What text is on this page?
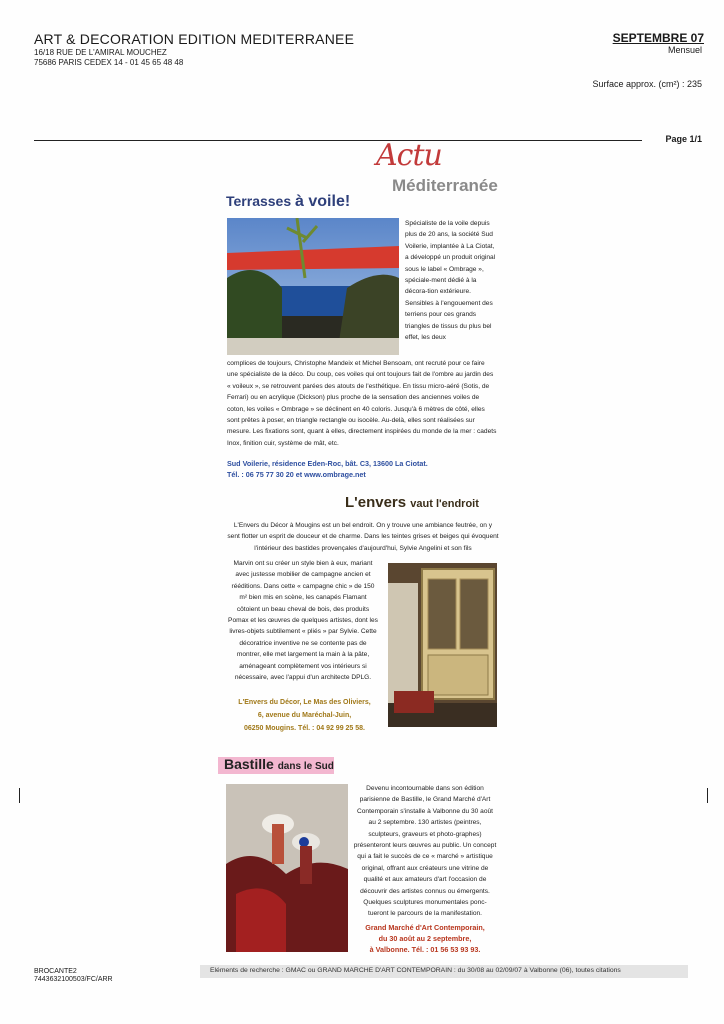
ART & DECORATION EDITION MEDITERRANEE
16/18 RUE DE L'AMIRAL MOUCHEZ
75686 PARIS CEDEX 14 - 01 45 65 48 48
SEPTEMBRE 07
Mensuel
Surface approx. (cm²) : 235
Page 1/1
Actu
Méditerranée
Terrasses à voile!
Spécialiste de la voile depuis plus de 20 ans, la société Sud Voilerie, implantée à La Ciotat, a développé un produit original sous le label « Ombrage », spéciale-ment dédié à la décora-tion extérieure. Sensibles à l'engouement des terriens pour ces grands triangles de tissus du plus bel effet, les deux
complices de toujours, Christophe Mandeix et Michel Bensoam, ont recruté pour ce faire une spécialiste de la déco. Du coup, ces voiles qui ont toujours fait de l'ombre au jardin des « voileux », se retrouvent parées des atouts de l'esthétique. En tissu micro-aéré (Sotis, de Ferrari) ou en acrylique (Dickson) plus proche de la sensation des anciennes voiles de coton, les voiles « Ombrage » se déclinent en 40 coloris. Jusqu'à 6 mètres de côté, elles sont prêtes à poser, en triangle rectangle ou isocèle. Au-delà, elles sont réalisées sur mesure. Les fixations sont, quant à elles, directement inspirées du monde de la mer : cadets Inox, finition cuir, système de mât, etc.
Sud Voilerie, résidence Eden-Roc, bât. C3, 13600 La Ciotat.
Tél. : 06 75 77 30 20 et www.ombrage.net
L'envers vaut l'endroit
L'Envers du Décor à Mougins est un bel endroit. On y trouve une ambiance feutrée, on y sent flotter un esprit de douceur et de charme. Dans les teintes grises et beiges qui évoquent l'intérieur des bastides provençales d'aujourd'hui, Sylvie Angelini et son fils
Marvin ont su créer un style bien à eux, mariant avec justesse mobilier de campagne ancien et rééditions. Dans cette « campagne chic » de 150 m² bien mis en scène, les canapés Flamant côtoient un beau cheval de bois, des produits Pomax et les œuvres de quelques artistes, dont les livres-objets subtilement « pliés » par Sylvie. Cette décoratrice inventive ne se contente pas de montrer, elle met largement la main à la pâte, aménageant complètement vos intérieurs si nécessaire, avec l'appui d'un architecte DPLG.
L'Envers du Décor, Le Mas des Oliviers,
6, avenue du Maréchal-Juin,
06250 Mougins. Tél. : 04 92 99 25 58.
Bastille dans le Sud
Devenu incontournable dans son édition parisienne de Bastille, le Grand Marché d'Art Contemporain s'installe à Valbonne du 30 août au 2 septembre. 130 artistes (peintres, sculpteurs, graveurs et photo-graphes) présenteront leurs œuvres au public. Un concept qui a fait le succès de ce « marché » artistique original, offrant aux créateurs une vitrine de qualité et aux amateurs d'art l'occasion de découvrir des artistes connus ou émergents. Quelques sculptures monumentales ponc-tueront le parcours de la manifestation.
Grand Marché d'Art Contemporain,
du 30 août au 2 septembre,
à Valbonne. Tél. : 01 56 53 93 93.
BROCANTE2
7443632100503/FC/ARR
Eléments de recherche : GMAC ou GRAND MARCHE D'ART CONTEMPORAIN : du 30/08 au 02/09/07 à Valbonne (06), toutes citations
